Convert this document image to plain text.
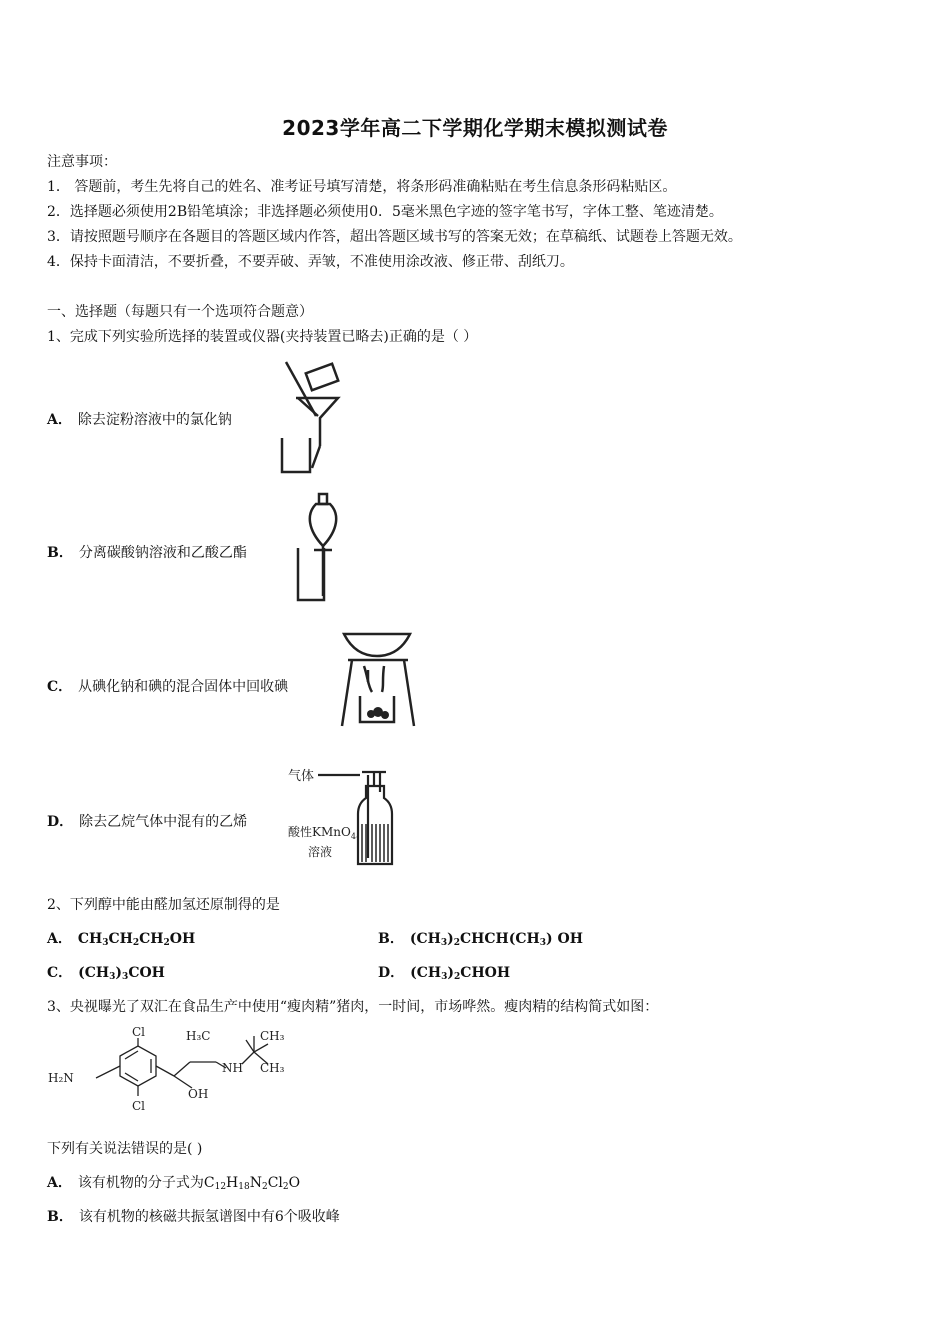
2023学年高二下学期化学期末模拟测试卷
注意事项：
1． 答题前，考生先将自己的姓名、准考证号填写清楚，将条形码准确粘贴在考生信息条形码粘贴区。
2．选择题必须使用2B铅笔填涂；非选择题必须使用0．5毫米黑色字迹的签字笔书写，字体工整、笔迹清楚。
3．请按照题号顺序在各题目的答题区域内作答，超出答题区域书写的答案无效；在草稿纸、试题卷上答题无效。
4．保持卡面清洁，不要折叠，不要弄破、弄皱，不准使用涂改液、修正带、刮纸刀。
一、选择题（每题只有一个选项符合题意）
1、完成下列实验所选择的装置或仪器(夹持装置已略去)正确的是（ ）
A． 除去淀粉溶液中的氯化钠
B． 分离碳酸钠溶液和乙酸乙酯
C． 从碘化钠和碘的混合固体中回收碘
D． 除去乙烷气体中混有的乙烯
气体
酸性KMnO$_4$,
溶液
2、下列醇中能由醛加氢还原制得的是
A． $CH_3CH_2CH_2OH$	B． $(CH_3)_2CHCH(CH_3)$ OH
C． $(CH_3)_3COH$	D． $(CH_3)_2CHOH$
3、央视曝光了双汇在食品生产中使用“瘦肉精”猪肉，一时间，市场哗然。瘦肉精的结构简式如图：
Cl
Cl
H₂N
NH
OH
H₃C	CH₃
CH₃
下列有关说法错误的是( )
A． 该有机物的分子式为$C_{12}H_{18}N_2Cl_2O$
B． 该有机物的核磁共振氢谱图中有6个吸收峰
